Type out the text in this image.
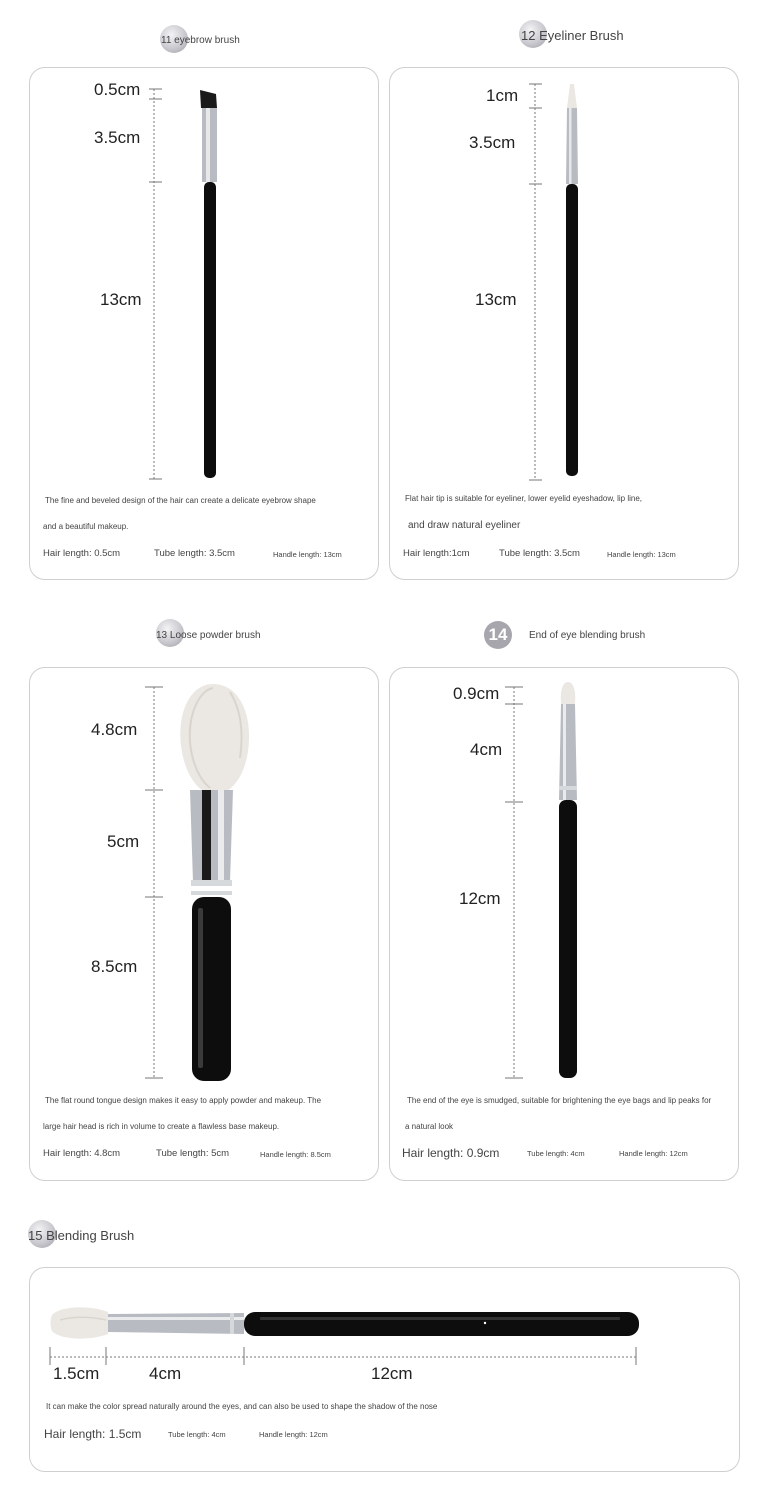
11 eyebrow brush
0.5cm
3.5cm
13cm
The fine and beveled design of the hair can create a delicate eyebrow shape
and a beautiful makeup.
Hair length: 0.5cm	Tube length: 3.5cm	Handle length: 13cm
12 Eyeliner Brush
1cm
3.5cm
13cm
Flat hair tip is suitable for eyeliner, lower eyelid eyeshadow, lip line,
and draw natural eyeliner
Hair length:1cm	Tube length: 3.5cm	Handle length: 13cm
13 Loose powder brush
4.8cm
5cm
8.5cm
The flat round tongue design makes it easy to apply powder and makeup. The
large hair head is rich in volume to create a flawless base makeup.
Hair length: 4.8cm	Tube length: 5cm	Handle length: 8.5cm
14	End of eye blending brush
0.9cm
4cm
12cm
The end of the eye is smudged, suitable for brightening the eye bags and lip peaks for
a natural look
Hair length: 0.9cm	Tube length: 4cm	Handle length: 12cm
15 Blending Brush
1.5cm	4cm	12cm
It can make the color spread naturally around the eyes, and can also be used to shape the shadow of the nose
Hair length: 1.5cm	Tube length: 4cm	Handle length: 12cm
